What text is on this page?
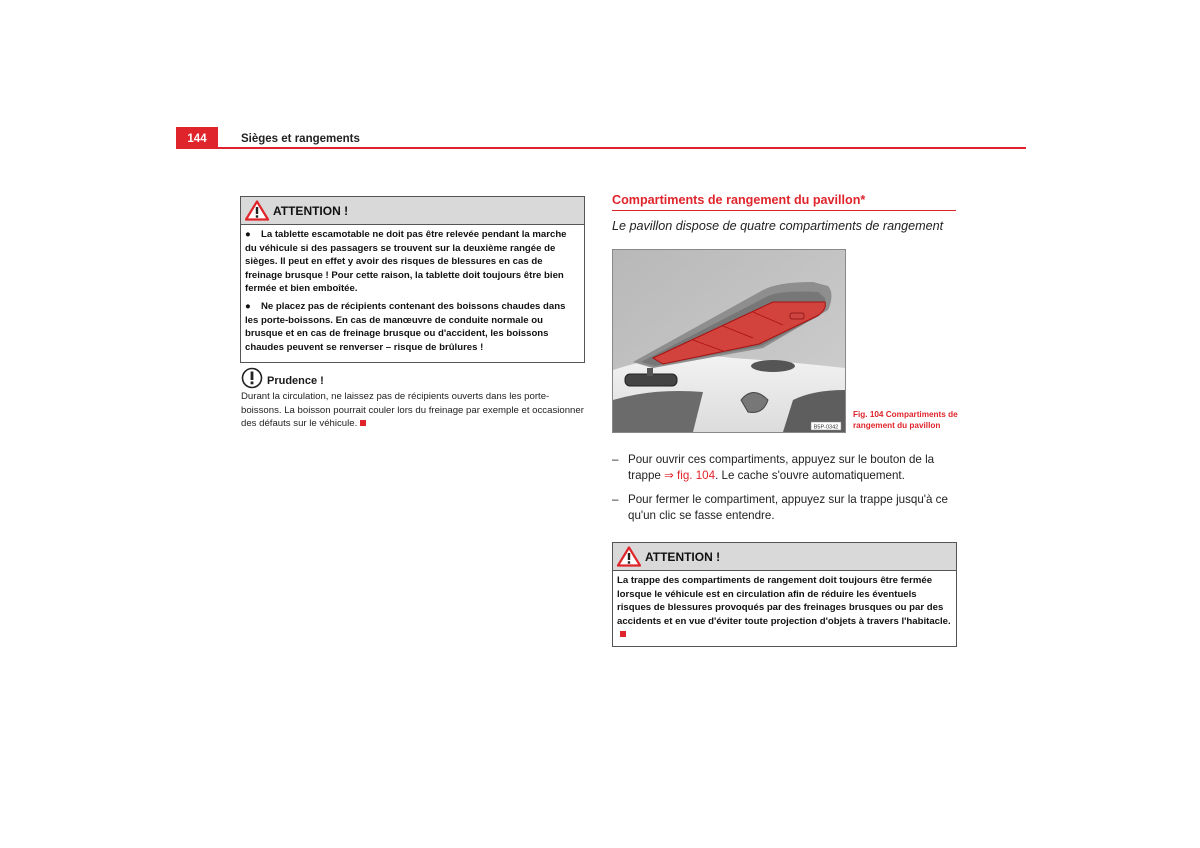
144	Sièges et rangements
ATTENTION !

● La tablette escamotable ne doit pas être relevée pendant la marche du véhicule si des passagers se trouvent sur la deuxième rangée de sièges. Il peut en effet y avoir des risques de blessures en cas de freinage brusque ! Pour cette raison, la tablette doit toujours être bien fermée et bien emboîtée.

● Ne placez pas de récipients contenant des boissons chaudes dans les porte-boissons. En cas de manœuvre de conduite normale ou brusque et en cas de freinage brusque ou d'accident, les boissons chaudes peuvent se renverser – risque de brûlures !

Prudence !
Durant la circulation, ne laissez pas de récipients ouverts dans les porte-boissons. La boisson pourrait couler lors du freinage par exemple et occasionner des défauts sur le véhicule.
Compartiments de rangement du pavillon*
Le pavillon dispose de quatre compartiments de rangement
B5P-0342
Fig. 104 Compartiments de rangement du pavillon
– Pour ouvrir ces compartiments, appuyez sur le bouton de la trappe ⇒ fig. 104. Le cache s'ouvre automatiquement.
– Pour fermer le compartiment, appuyez sur la trappe jusqu'à ce qu'un clic se fasse entendre.
ATTENTION !

La trappe des compartiments de rangement doit toujours être fermée lorsque le véhicule est en circulation afin de réduire les éventuels risques de blessures provoqués par des freinages brusques ou par des accidents et en vue d'éviter toute projection d'objets à travers l'habitacle.
